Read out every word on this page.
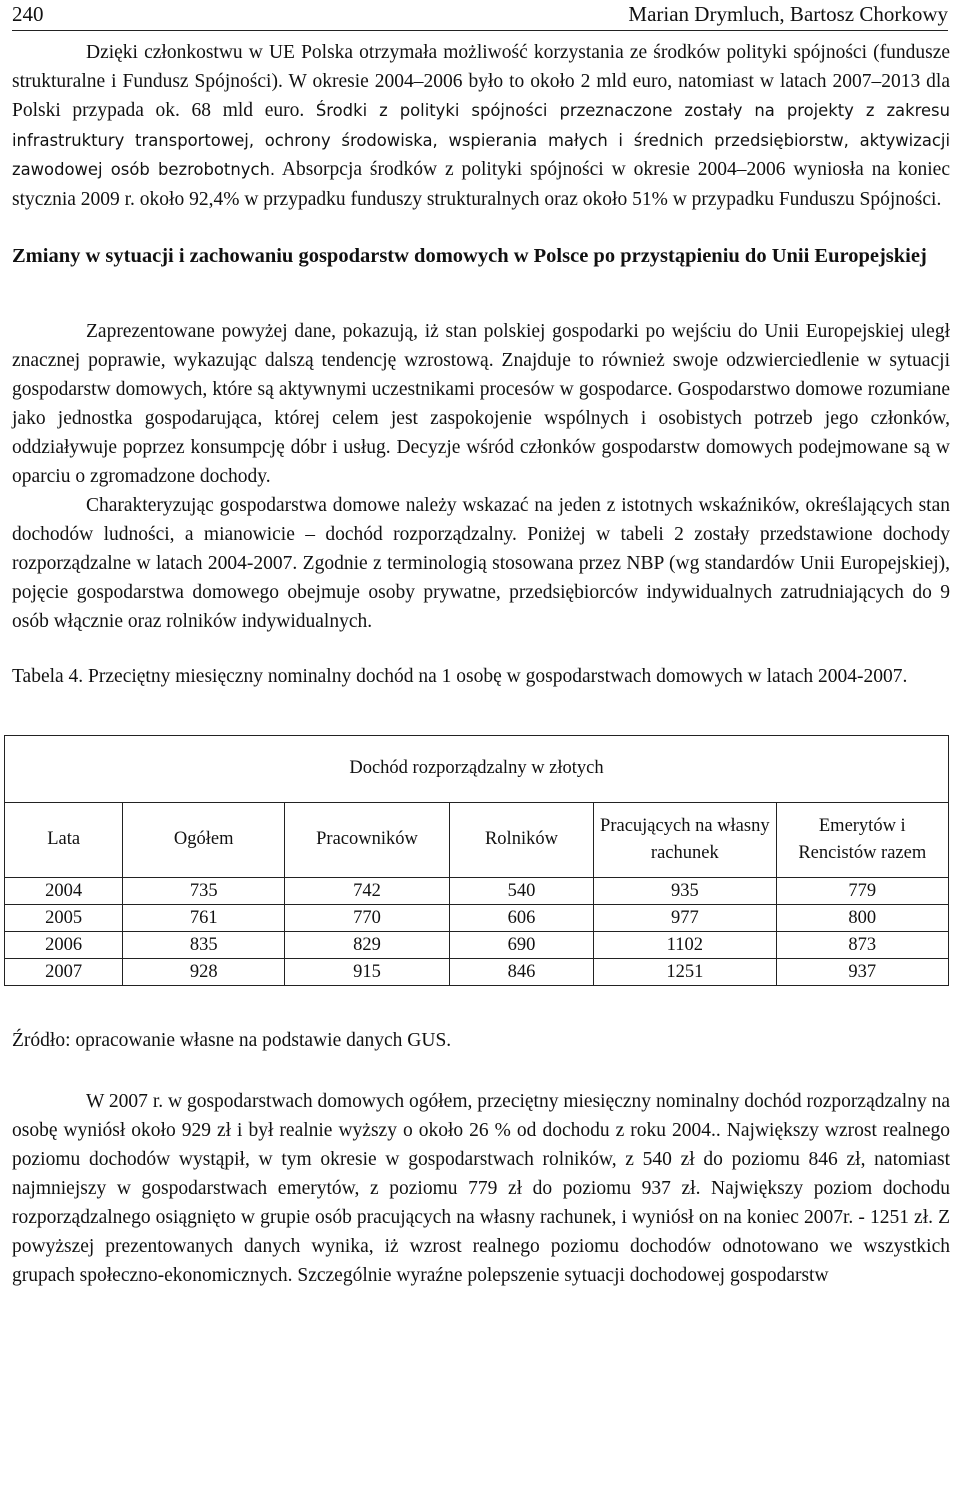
240	Marian Drymluch, Bartosz Chorkowy

Dzięki członkostwu w UE Polska otrzymała możliwość korzystania ze środków polityki spójności (fundusze strukturalne i Fundusz Spójności). W okresie 2004–2006 było to około 2 mld euro, natomiast w latach 2007–2013 dla Polski przypada ok. 68 mld euro. Środki z polityki spójności przeznaczone zostały na projekty z zakresu infrastruktury transportowej, ochrony środowiska, wspierania małych i średnich przedsiębiorstw, aktywizacji zawodowej osób bezrobotnych. Absorpcja środków z polityki spójności w okresie 2004–2006 wyniosła na koniec stycznia 2009 r. około 92,4% w przypadku funduszy strukturalnych oraz około 51% w przypadku Funduszu Spójności.

Zmiany w sytuacji i zachowaniu gospodarstw domowych w Polsce po przystąpieniu do Unii Europejskiej

Zaprezentowane powyżej dane, pokazują, iż stan polskiej gospodarki po wejściu do Unii Europejskiej uległ znacznej poprawie, wykazując dalszą tendencję wzrostową. Znajduje to również swoje odzwierciedlenie w sytuacji gospodarstw domowych, które są aktywnymi uczestnikami procesów w gospodarce. Gospodarstwo domowe rozumiane jako jednostka gospodarująca, której celem jest zaspokojenie wspólnych i osobistych potrzeb jego członków, oddziaływuje poprzez konsumpcję dóbr i usług. Decyzje wśród członków gospodarstw domowych podejmowane są w oparciu o zgromadzone dochody.

Charakteryzując gospodarstwa domowe należy wskazać na jeden z istotnych wskaźników, określających stan dochodów ludności, a mianowicie – dochód rozporządzalny. Poniżej w tabeli 2 zostały przedstawione dochody rozporządzalne w latach 2004-2007. Zgodnie z terminologią stosowana przez NBP (wg standardów Unii Europejskiej), pojęcie gospodarstwa domowego obejmuje osoby prywatne, przedsiębiorców indywidualnych zatrudniających do 9 osób włącznie oraz rolników indywidualnych.

Tabela 4. Przeciętny miesięczny nominalny dochód na 1 osobę w gospodarstwach domowych w latach 2004-2007.

Dochód rozporządzalny w złotych					
Lata	Ogółem	Pracowników	Rolników	Pracujących na własny rachunek	Emerytów i Rencistów razem
2004	735	742	540	935	779
2005	761	770	606	977	800
2006	835	829	690	1102	873
2007	928	915	846	1251	937

Źródło: opracowanie własne na podstawie danych GUS.

W 2007 r. w gospodarstwach domowych ogółem, przeciętny miesięczny nominalny dochód rozporządzalny na osobę wyniósł około 929 zł i był realnie wyższy o około 26 % od dochodu z roku 2004.. Największy wzrost realnego poziomu dochodów wystąpił, w tym okresie w gospodarstwach rolników, z 540 zł do poziomu 846 zł, natomiast najmniejszy w gospodarstwach emerytów, z poziomu 779 zł do poziomu 937 zł. Największy poziom dochodu rozporządzalnego osiągnięto w grupie osób pracujących na własny rachunek, i wyniósł on na koniec 2007r. - 1251 zł. Z powyższej prezentowanych danych wynika, iż wzrost realnego poziomu dochodów odnotowano we wszystkich grupach społeczno-ekonomicznych. Szczególnie wyraźne polepszenie sytuacji dochodowej gospodarstw
